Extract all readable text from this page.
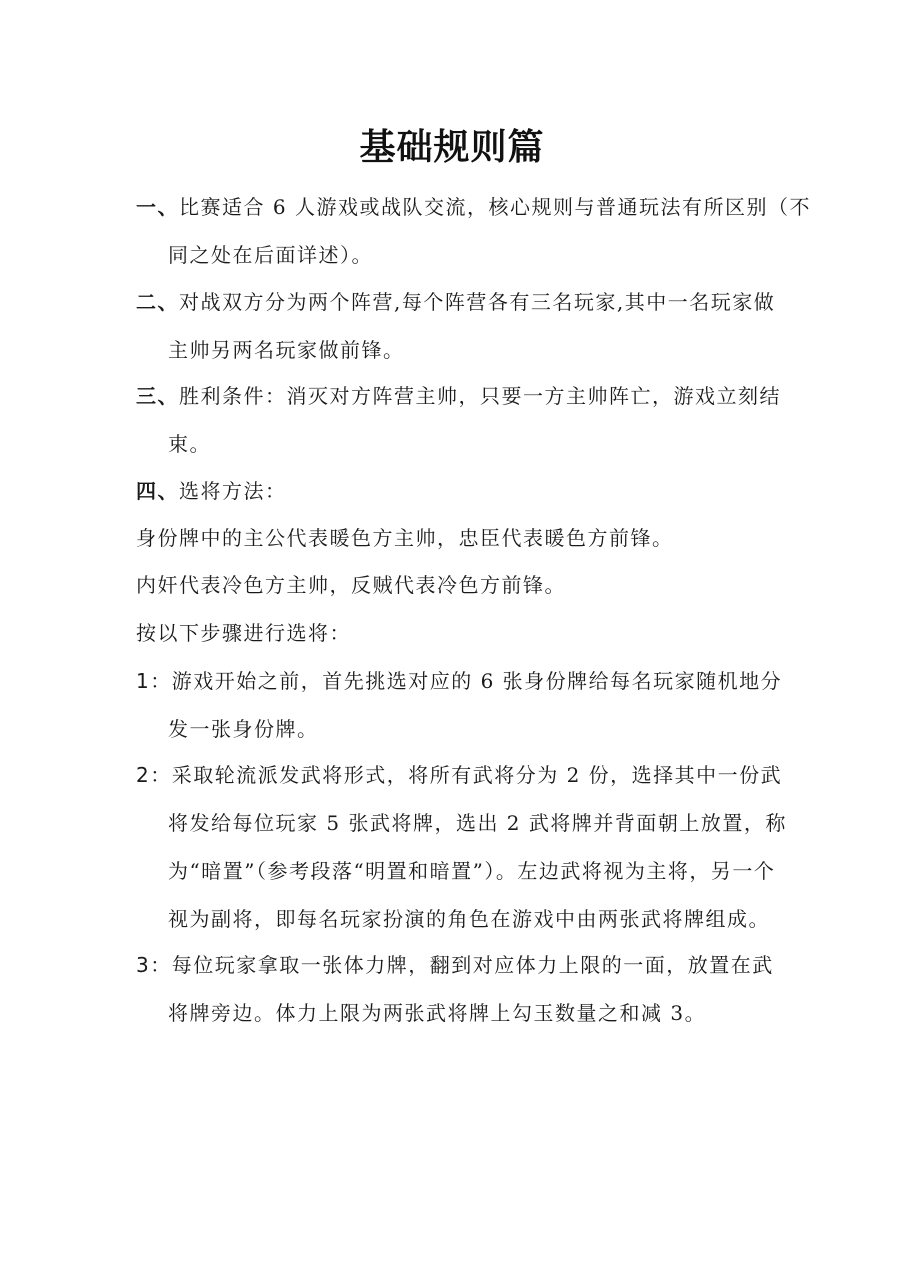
基础规则篇
一、比赛适合 6 人游戏或战队交流，核心规则与普通玩法有所区别（不
同之处在后面详述）。
二、对战双方分为两个阵营,每个阵营各有三名玩家,其中一名玩家做
主帅另两名玩家做前锋。
三、胜利条件：消灭对方阵营主帅，只要一方主帅阵亡，游戏立刻结
束。
四、选将方法：
身份牌中的主公代表暖色方主帅，忠臣代表暖色方前锋。
内奸代表冷色方主帅，反贼代表冷色方前锋。
按以下步骤进行选将：
1：游戏开始之前，首先挑选对应的 6 张身份牌给每名玩家随机地分
发一张身份牌。
2：采取轮流派发武将形式，将所有武将分为 2 份，选择其中一份武
将发给每位玩家 5 张武将牌，选出 2 武将牌并背面朝上放置，称
为“暗置”（参考段落“明置和暗置”）。左边武将视为主将，另一个
视为副将，即每名玩家扮演的角色在游戏中由两张武将牌组成。
3：每位玩家拿取一张体力牌，翻到对应体力上限的一面，放置在武
将牌旁边。体力上限为两张武将牌上勾玉数量之和减 3。
